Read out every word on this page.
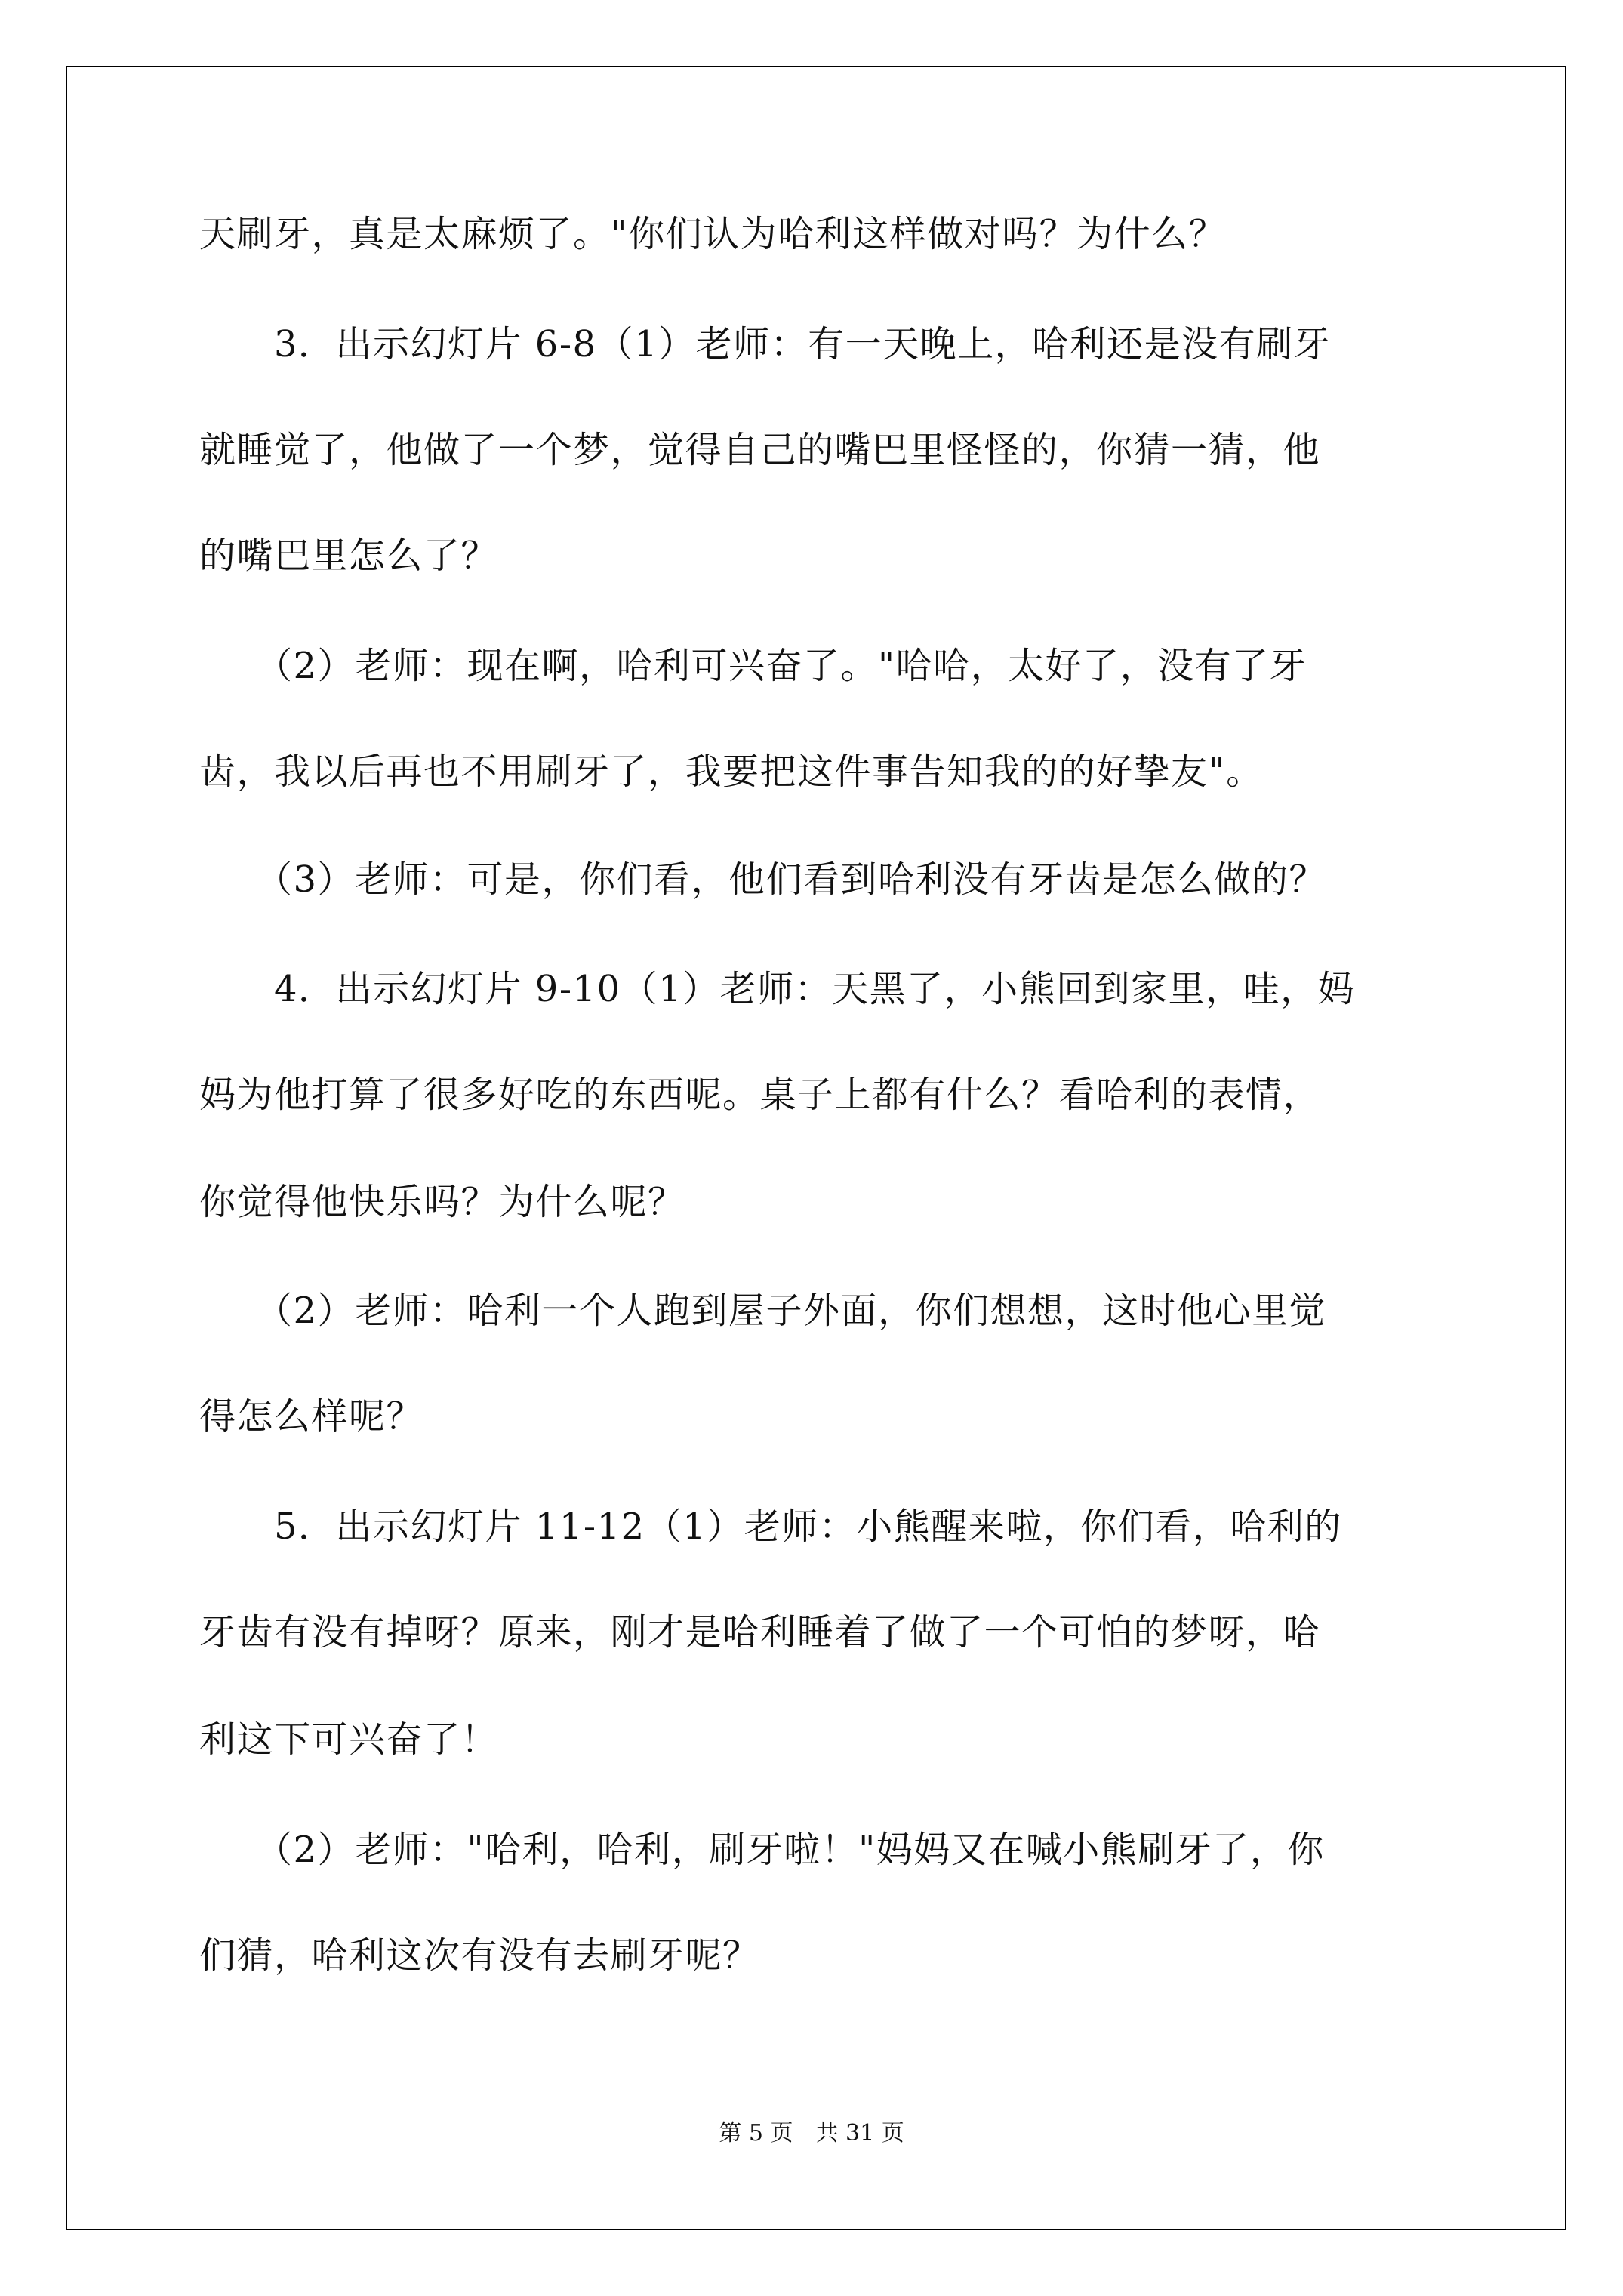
天刷牙，真是太麻烦了。"你们认为哈利这样做对吗？为什么？
　　3．出示幻灯片 6-8（1）老师：有一天晚上，哈利还是没有刷牙
就睡觉了，他做了一个梦，觉得自己的嘴巴里怪怪的，你猜一猜，他
的嘴巴里怎么了？
　　（2）老师：现在啊，哈利可兴奋了。"哈哈，太好了，没有了牙
齿，我以后再也不用刷牙了，我要把这件事告知我的的好挚友"。
　　（3）老师：可是，你们看，他们看到哈利没有牙齿是怎么做的？
　　4．出示幻灯片 9-10（1）老师：天黑了，小熊回到家里，哇，妈
妈为他打算了很多好吃的东西呢。桌子上都有什么？看哈利的表情，
你觉得他快乐吗？为什么呢？
　　（2）老师：哈利一个人跑到屋子外面，你们想想，这时他心里觉
得怎么样呢？
　　5．出示幻灯片 11-12（1）老师：小熊醒来啦，你们看，哈利的
牙齿有没有掉呀？原来，刚才是哈利睡着了做了一个可怕的梦呀，哈
利这下可兴奋了！
　　（2）老师："哈利，哈利，刷牙啦！"妈妈又在喊小熊刷牙了，你
们猜，哈利这次有没有去刷牙呢？
第 5 页　共 31 页
